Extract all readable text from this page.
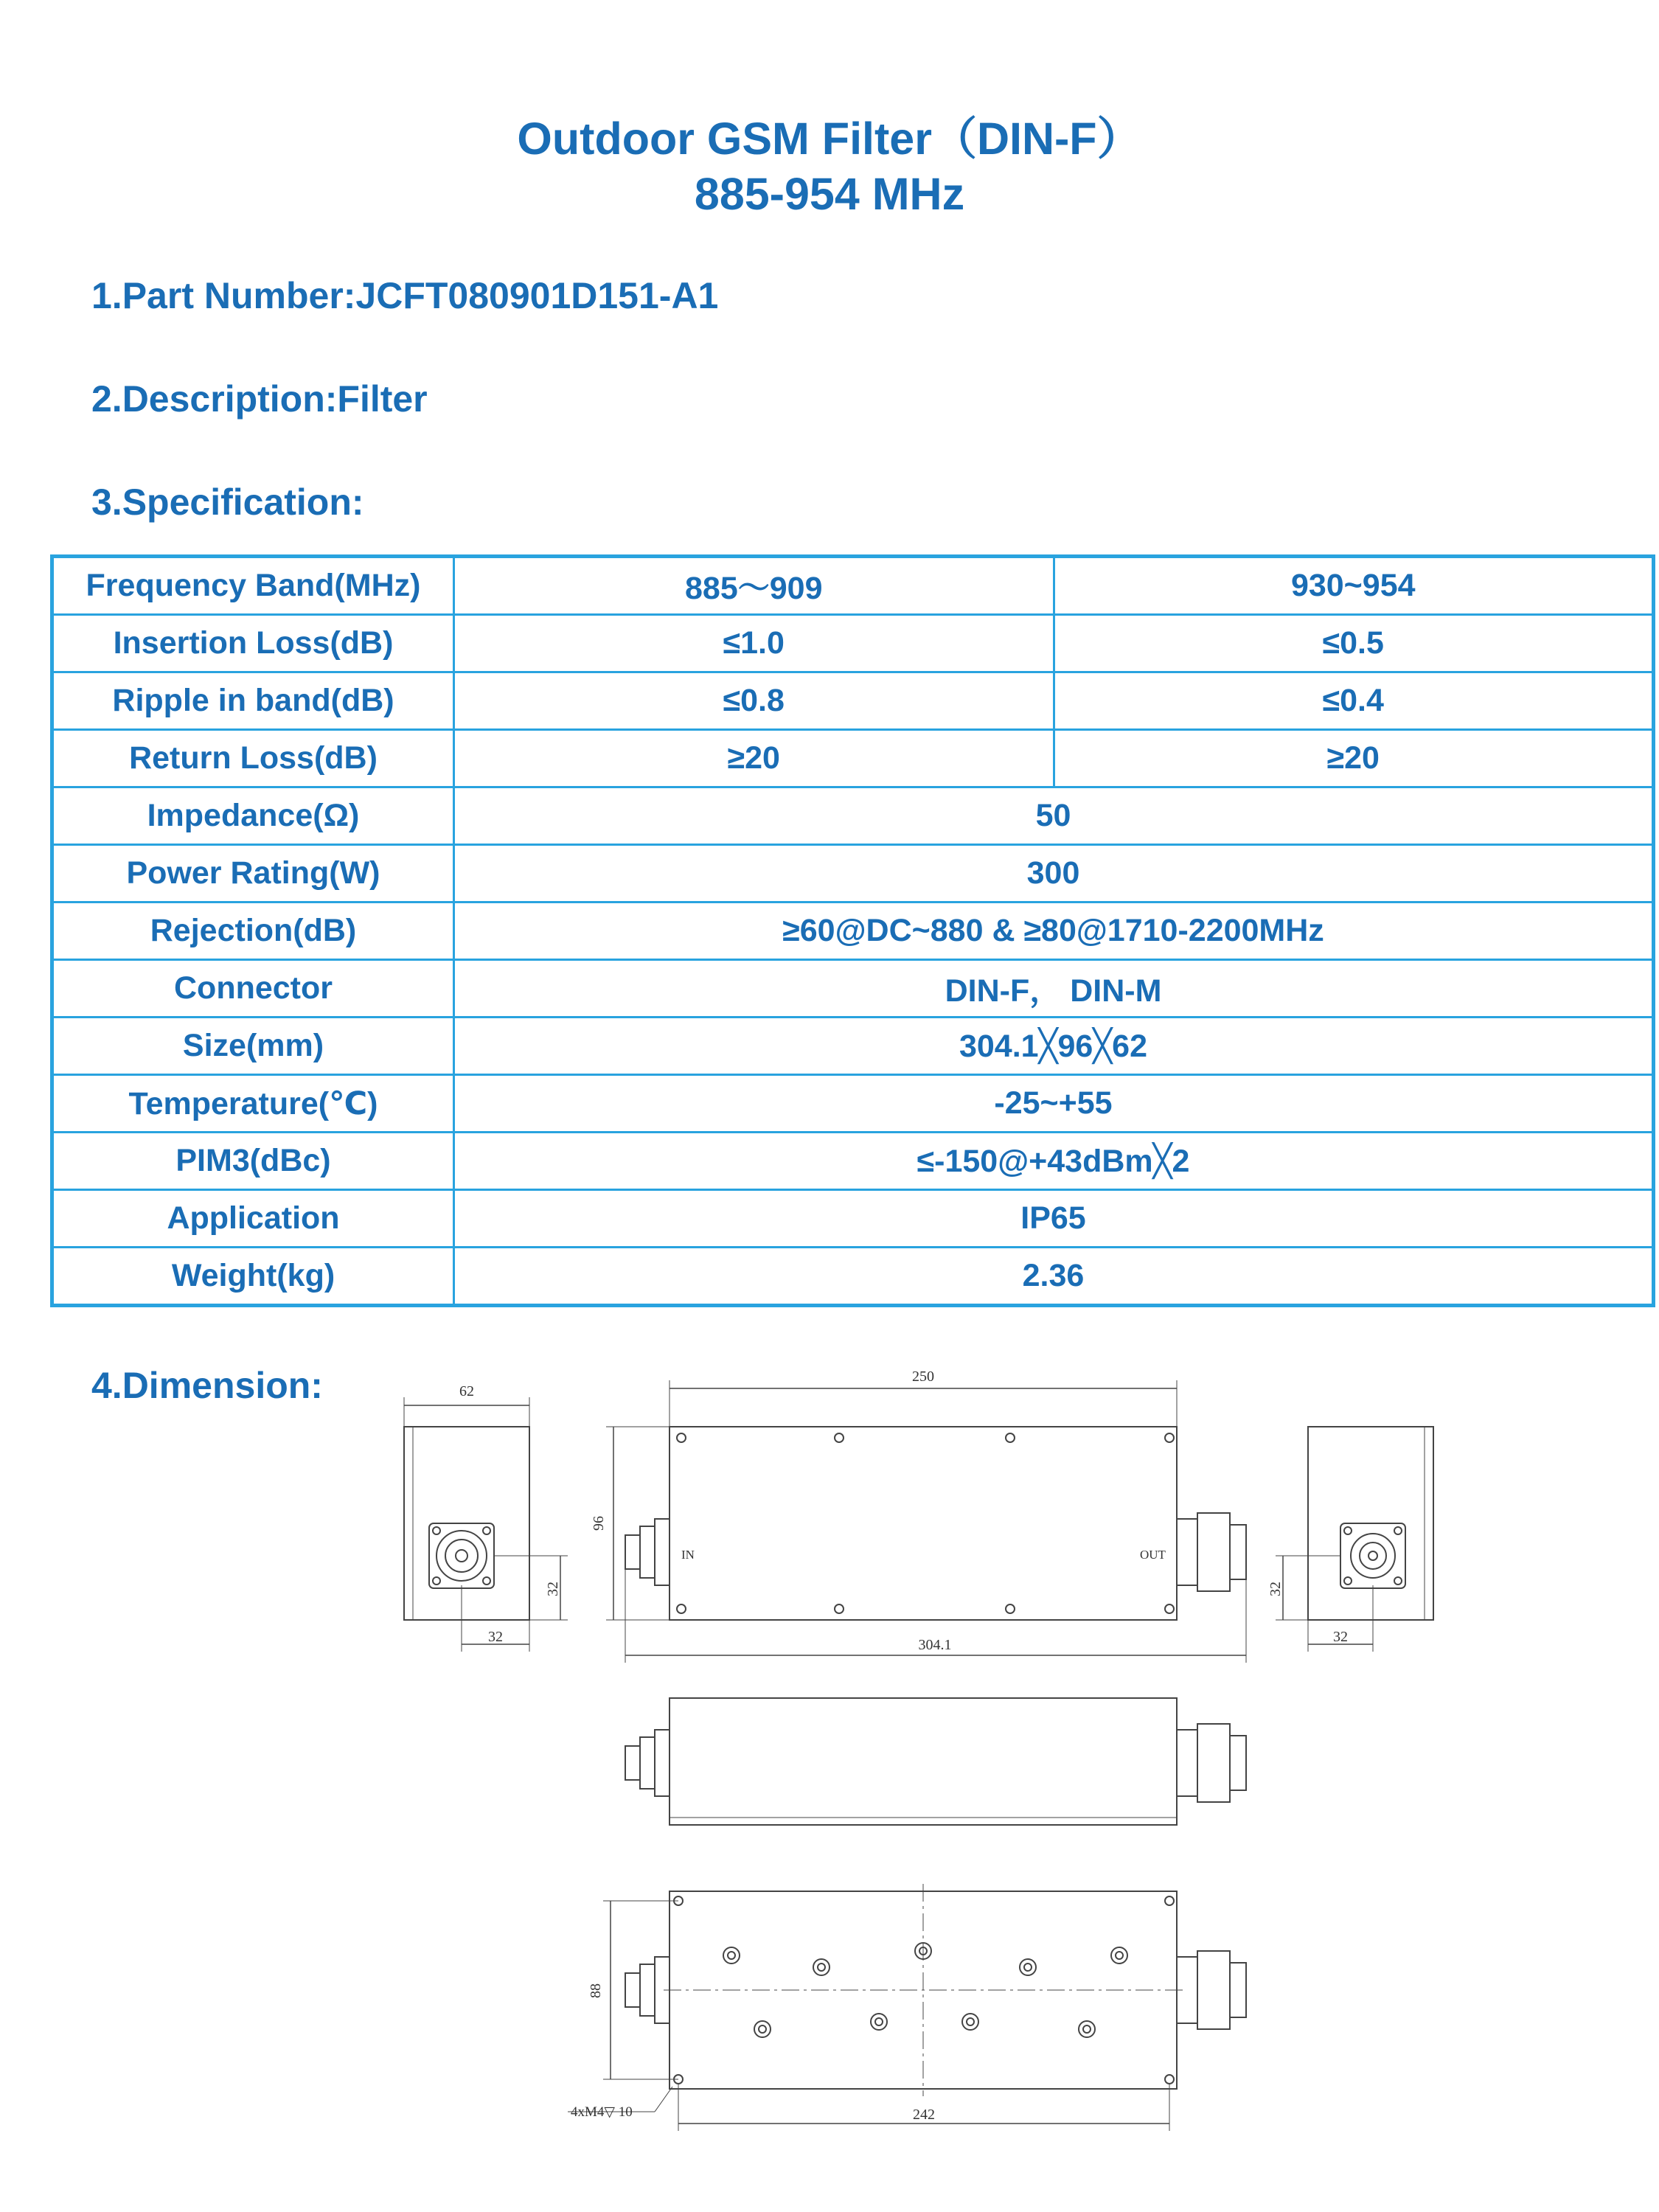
Outdoor GSM Filter（DIN-F）
885-954 MHz
1.Part Number:JCFT080901D151-A1
2.Description:Filter
3.Specification:
Frequency Band(MHz)	885～909	930~954
Insertion Loss(dB)	≤1.0	≤0.5
Ripple in band(dB)	≤0.8	≤0.4
Return Loss(dB)	≥20	≥20
Impedance(Ω)	50	
Power Rating(W)	300	
Rejection(dB)	≥60@DC~880 & ≥80@1710-2200MHz	
Connector	DIN-F， DIN-M	
Size(mm)	304.1╳96╳62	
Temperature(℃)	-25~+55	
PIM3(dBc)	≤-150@+43dBm╳2	
Application	IP65	
Weight(kg)	2.36	
4.Dimension:	62
32
32
250
96
304.1
IN	OUT
32
32
88
242
4xM4▽ 10
